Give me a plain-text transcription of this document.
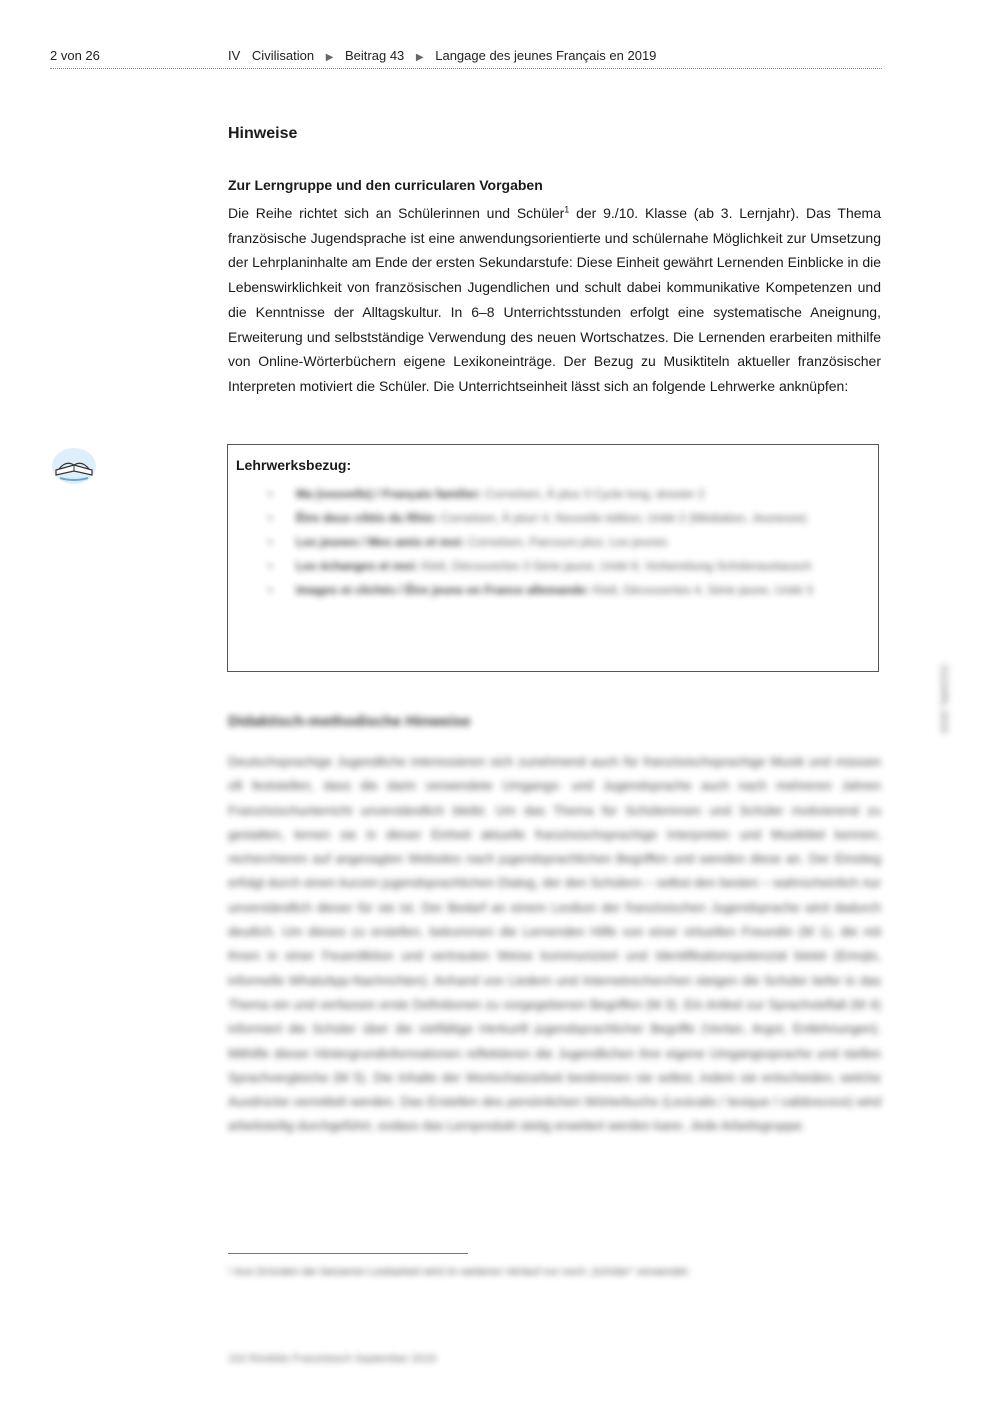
2 von 26	IV Civilisation ▶ Beitrag 43 ▶ Langage des jeunes Français en 2019
Hinweise
Zur Lerngruppe und den curricularen Vorgaben
Die Reihe richtet sich an Schülerinnen und Schüler$^1$ der 9./10. Klasse (ab 3. Lernjahr). Das Thema französische Jugendsprache ist eine anwendungsorientierte und schülernahe Möglichkeit zur Umsetzung der Lehrplaninhalte am Ende der ersten Sekundarstufe: Diese Einheit gewährt Lernenden Einblicke in die Lebenswirklichkeit von französischen Jugendlichen und schult dabei kommunikative Kompetenzen und die Kenntnisse der Alltagskultur. In 6–8 Unterrichtsstunden erfolgt eine systematische Aneignung, Erweiterung und selbstständige Verwendung des neuen Wortschatzes. Die Lernenden erarbeiten mithilfe von Online-Wörterbüchern eigene Lexikoneinträge. Der Bezug zu Musiktiteln aktueller französischer Interpreten motiviert die Schüler. Die Unterrichtseinheit lässt sich an folgende Lehrwerke anknüpfen:
Lehrwerksbezug:
• Ma (nouvelle) / Français familier: Cornelsen, À plus 3 Cycle long, dossier 2
• Être deux côtés du Rhin: Cornelsen, À plus! 4, Nouvelle édition, Unité 2 (Médiation, Jeunesse)
• Les jeunes / Mes amis et moi: Cornelsen, Parcours plus, Les jeunes
• Les échanges et moi: Klett, Découvertes 3 Série jaune, Unité 6, Vorbereitung Schüleraustausch
• Images et clichés / Être jeune en France allemande: Klett, Découvertes 4, Série jaune, Unité 3
Didaktisch-methodische Hinweise
Deutschsprachige Jugendliche interessieren sich zunehmend auch für französischsprachige Musik und müssen oft feststellen, dass die darin verwendete Umgangs- und Jugendsprache auch nach mehreren Jahren Französischunterricht unverständlich bleibt. Um das Thema für Schülerinnen und Schüler motivierend zu gestalten, lernen sie in dieser Einheit aktuelle französischsprachige Interpreten und Musiktitel kennen, recherchieren auf angesagten Websites nach jugendsprachlichen Begriffen und wenden diese an. Der Einstieg erfolgt durch einen kurzen jugendsprachlichen Dialog, der den Schülern – selbst den besten – wahrscheinlich nur unverständlich dieser für sie ist. Der Bedarf an einem Lexikon der französischen Jugendsprache wird dadurch deutlich. Um dieses zu erstellen, bekommen die Lernenden Hilfe von einer virtuellen Freundin (M 1), die mit ihnen in einer Feuerdiktion und vertrauten Weise kommuniziert und Identifikationspotenzial bietet (Emojis, informelle WhatsApp-Nachrichten). Anhand von Liedern und Internetrecherchen steigen die Schüler tiefer in das Thema ein und verfassen erste Definitionen zu vorgegebenen Begriffen (M 3). Ein Artikel zur Sprachvielfalt (M 4) informiert die Schüler über die vielfältige Herkunft jugendsprachlicher Begriffe (Verlan, Argot, Entlehnungen). Mithilfe dieser Hintergrundinformationen reflektieren die Jugendlichen ihre eigene Umgangssprache und stellen Sprachvergleiche (M 5). Die Inhalte der Wortschatzarbeit bestimmen sie selbst, indem sie entscheiden, welche Ausdrücke vermittelt werden. Das Erstellen des persönlichen Wörterbuchs (Lexicalis / lexique / calidoscoce) wird arbeitsteilig durchgeführt, sodass das Lernprodukt stetig erweitert werden kann. Jede Arbeitsgruppe.
¹ Aus Gründen der besseren Lesbarkeit wird im weiteren Verlauf nur noch „Schüler“ verwendet.
102 RAAbits Französisch September 2019
D1234RL-2019
